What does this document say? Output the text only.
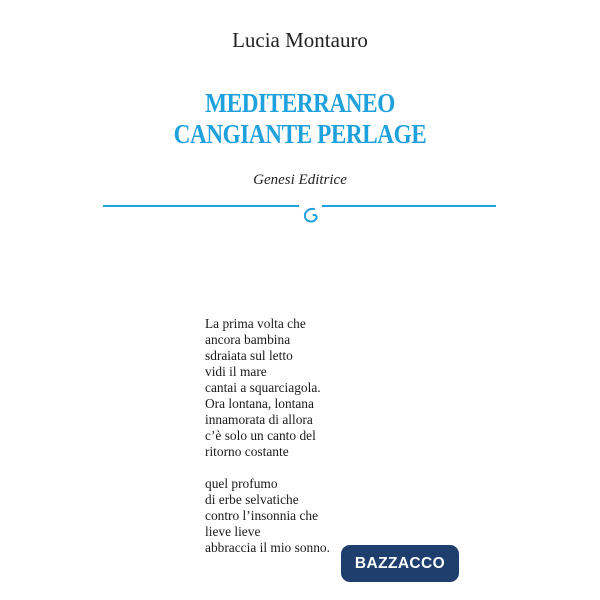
Lucia Montauro
MEDITERRANEO
CANGIANTE PERLAGE
Genesi Editrice
La prima volta che
ancora bambina
sdraiata sul letto
vidi il mare
cantai a squarciagola.
Ora lontana, lontana
innamorata di allora
c’è solo un canto del
ritorno costante
quel profumo
di erbe selvatiche
contro l’insonnia che
lieve lieve
abbraccia il mio sonno.
BAZZACCO
